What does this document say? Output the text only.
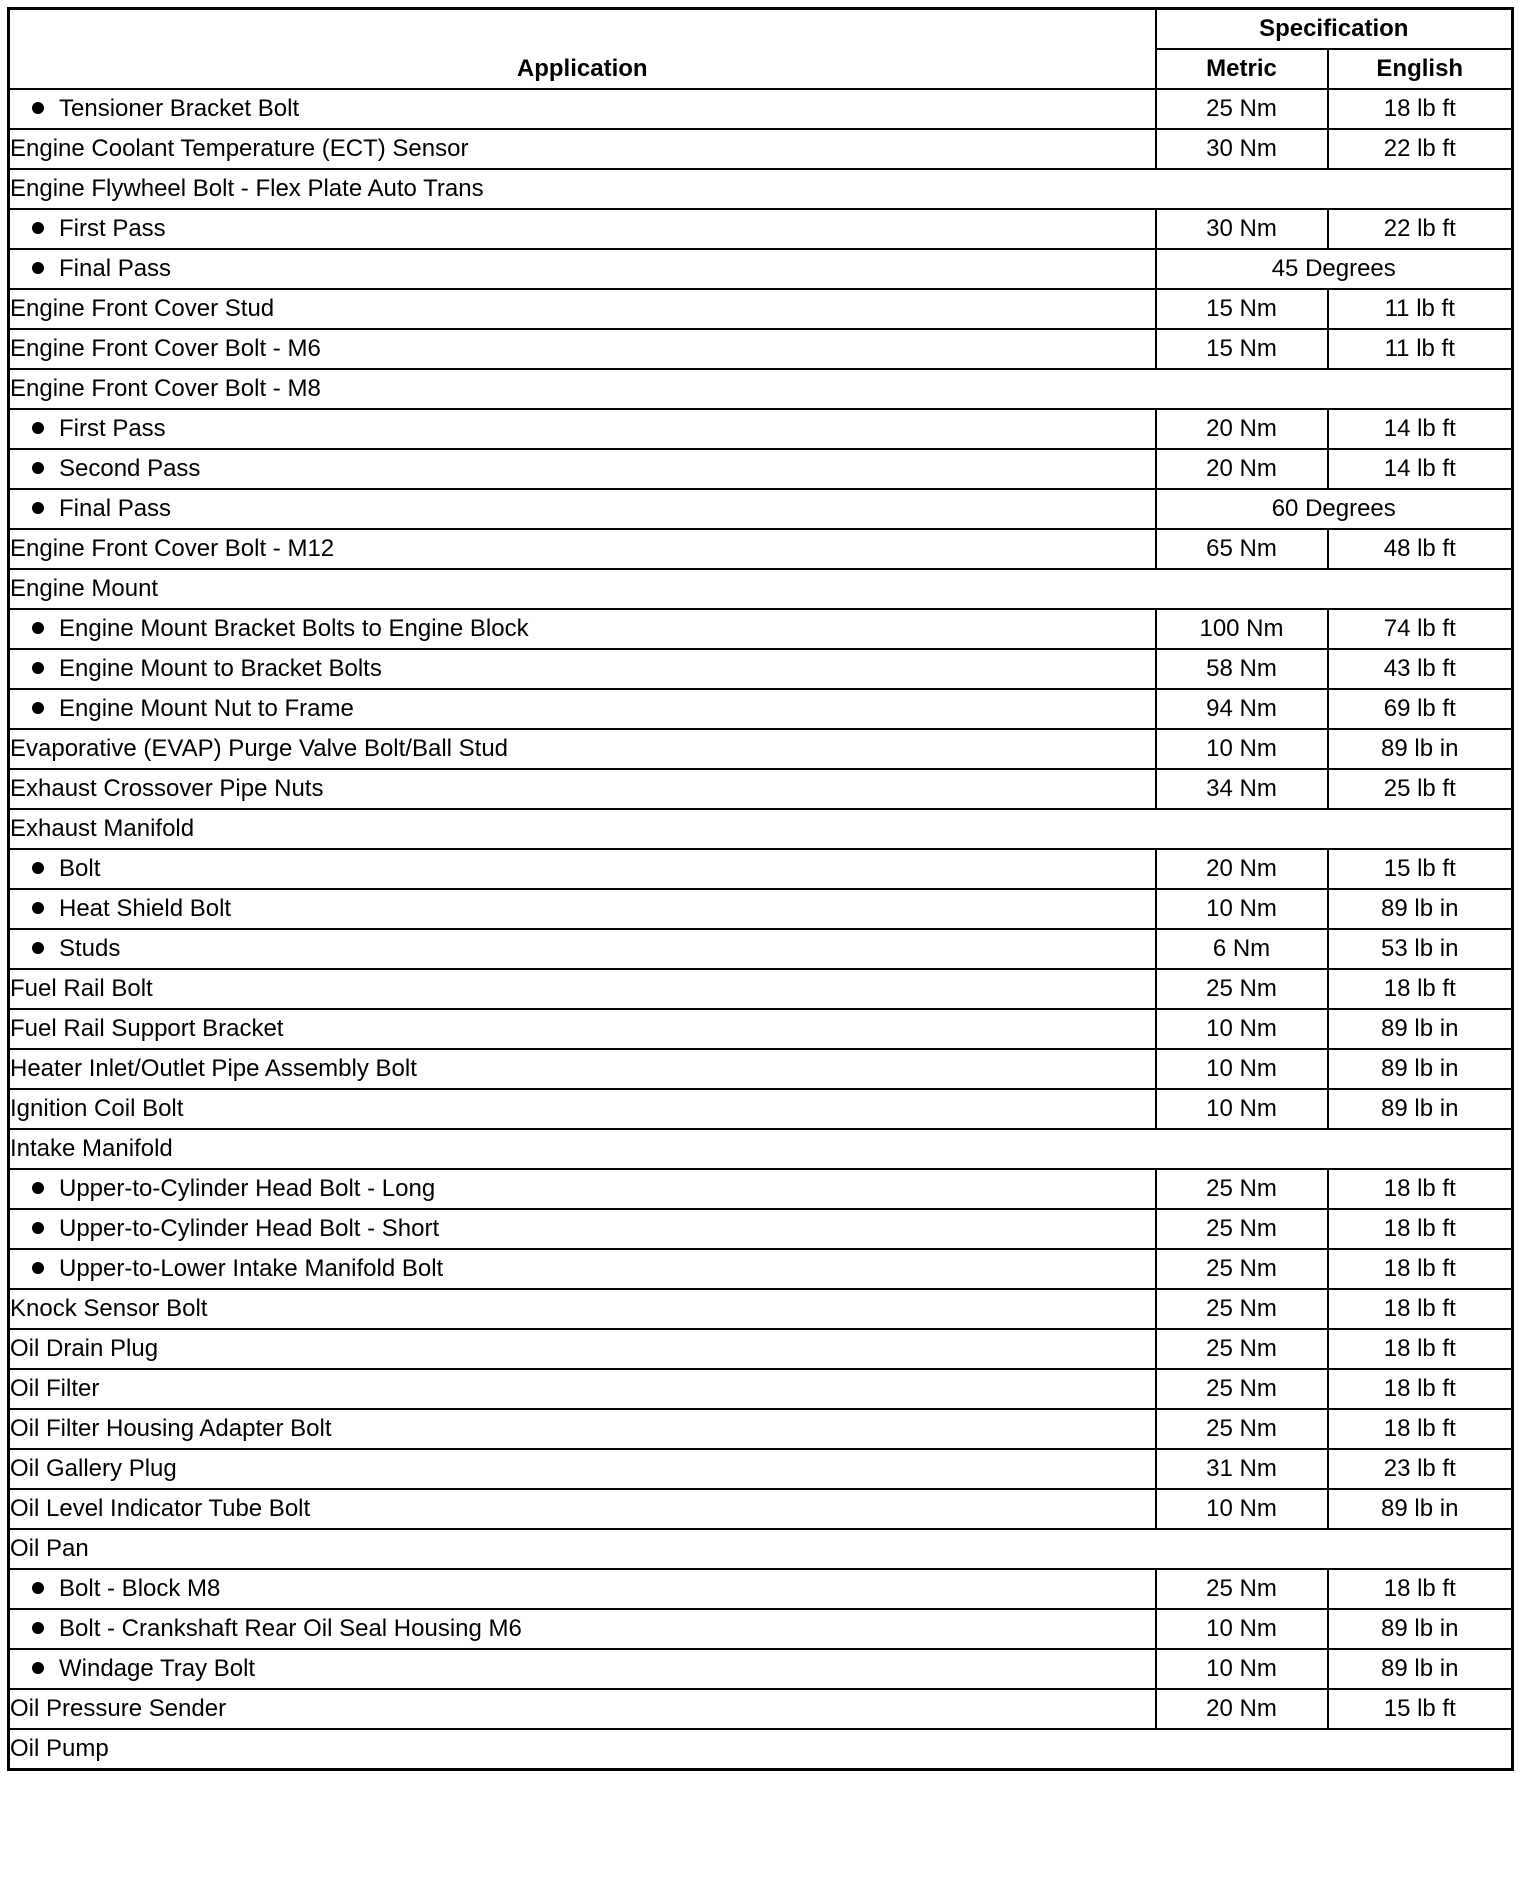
Application	Specification	
	Metric	English
Tensioner Bracket Bolt	25 Nm	18 lb ft
Engine Coolant Temperature (ECT) Sensor	30 Nm	22 lb ft
Engine Flywheel Bolt - Flex Plate Auto Trans		
First Pass	30 Nm	22 lb ft
Final Pass	45 Degrees	
Engine Front Cover Stud	15 Nm	11 lb ft
Engine Front Cover Bolt - M6	15 Nm	11 lb ft
Engine Front Cover Bolt - M8		
First Pass	20 Nm	14 lb ft
Second Pass	20 Nm	14 lb ft
Final Pass	60 Degrees	
Engine Front Cover Bolt - M12	65 Nm	48 lb ft
Engine Mount		
Engine Mount Bracket Bolts to Engine Block	100 Nm	74 lb ft
Engine Mount to Bracket Bolts	58 Nm	43 lb ft
Engine Mount Nut to Frame	94 Nm	69 lb ft
Evaporative (EVAP) Purge Valve Bolt/Ball Stud	10 Nm	89 lb in
Exhaust Crossover Pipe Nuts	34 Nm	25 lb ft
Exhaust Manifold		
Bolt	20 Nm	15 lb ft
Heat Shield Bolt	10 Nm	89 lb in
Studs	6 Nm	53 lb in
Fuel Rail Bolt	25 Nm	18 lb ft
Fuel Rail Support Bracket	10 Nm	89 lb in
Heater Inlet/Outlet Pipe Assembly Bolt	10 Nm	89 lb in
Ignition Coil Bolt	10 Nm	89 lb in
Intake Manifold		
Upper-to-Cylinder Head Bolt - Long	25 Nm	18 lb ft
Upper-to-Cylinder Head Bolt - Short	25 Nm	18 lb ft
Upper-to-Lower Intake Manifold Bolt	25 Nm	18 lb ft
Knock Sensor Bolt	25 Nm	18 lb ft
Oil Drain Plug	25 Nm	18 lb ft
Oil Filter	25 Nm	18 lb ft
Oil Filter Housing Adapter Bolt	25 Nm	18 lb ft
Oil Gallery Plug	31 Nm	23 lb ft
Oil Level Indicator Tube Bolt	10 Nm	89 lb in
Oil Pan		
Bolt - Block M8	25 Nm	18 lb ft
Bolt - Crankshaft Rear Oil Seal Housing M6	10 Nm	89 lb in
Windage Tray Bolt	10 Nm	89 lb in
Oil Pressure Sender	20 Nm	15 lb ft
Oil Pump		
